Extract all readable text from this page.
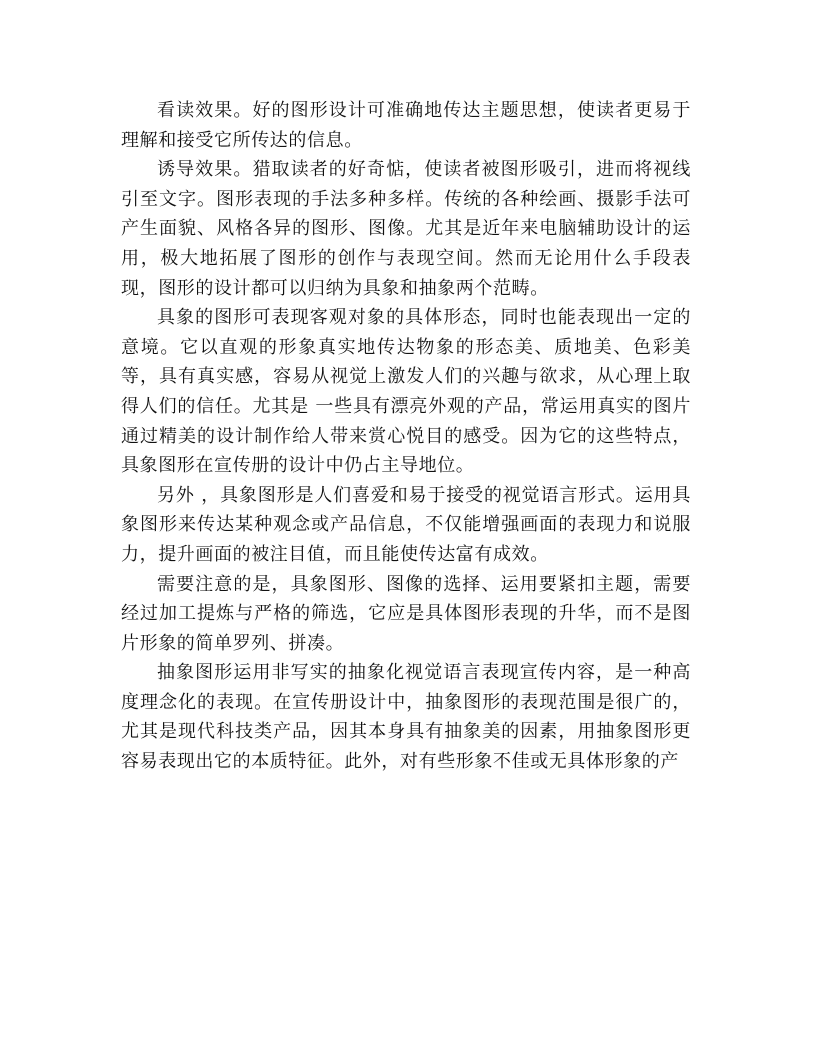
看读效果。好的图形设计可准确地传达主题思想，使读者更易于理解和接受它所传达的信息。

诱导效果。猎取读者的好奇惦，使读者被图形吸引，进而将视线引至文字。图形表现的手法多种多样。传统的各种绘画、摄影手法可产生面貌、风格各异的图形、图像。尤其是近年来电脑辅助设计的运用，极大地拓展了图形的创作与表现空间。然而无论用什么手段表现，图形的设计都可以归纳为具象和抽象两个范畴。

具象的图形可表现客观对象的具体形态，同时也能表现出一定的意境。它以直观的形象真实地传达物象的形态美、质地美、色彩美等，具有真实感，容易从视觉上激发人们的兴趣与欲求，从心理上取得人们的信任。尤其是 一些具有漂亮外观的产品，常运用真实的图片通过精美的设计制作给人带来赏心悦目的感受。因为它的这些特点，具象图形在宣传册的设计中仍占主导地位。

另外 ，具象图形是人们喜爱和易于接受的视觉语言形式。运用具象图形来传达某种观念或产品信息，不仅能增强画面的表现力和说服力，提升画面的被注目值，而且能使传达富有成效。

需要注意的是，具象图形、图像的选择、运用要紧扣主题，需要经过加工提炼与严格的筛选，它应是具体图形表现的升华，而不是图片形象的简单罗列、拼凑。

抽象图形运用非写实的抽象化视觉语言表现宣传内容，是一种高度理念化的表现。在宣传册设计中，抽象图形的表现范围是很广的，尤其是现代科技类产品，因其本身具有抽象美的因素，用抽象图形更容易表现出它的本质特征。此外，对有些形象不佳或无具体形象的产
